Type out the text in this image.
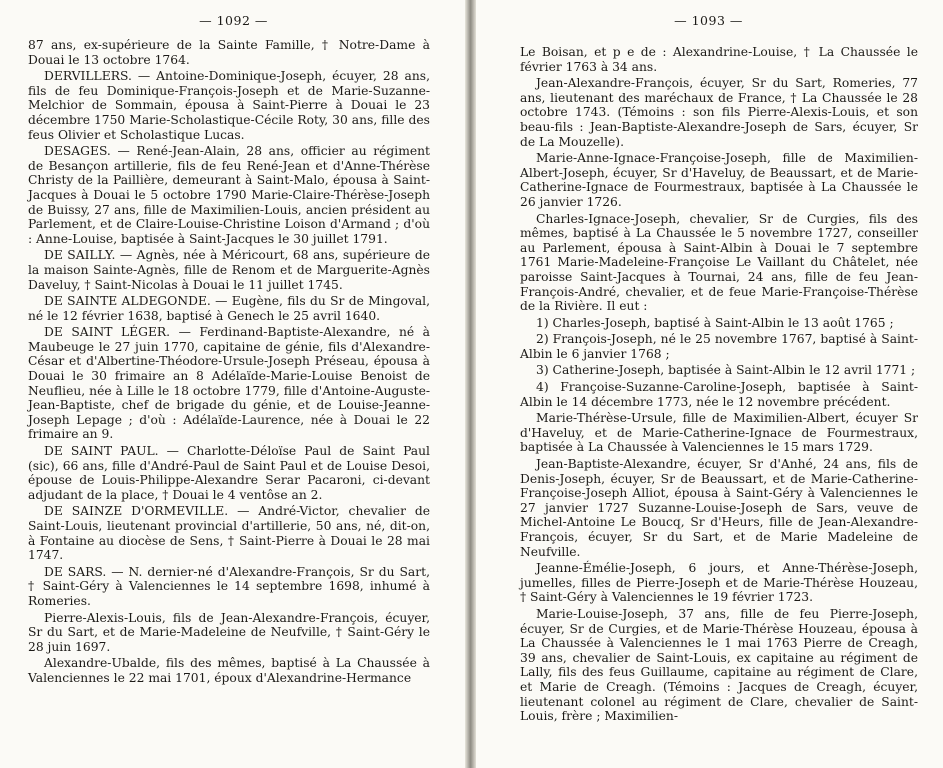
— 1092 —

87 ans, ex-supérieure de la Sainte Famille, † Notre-Dame à Douai le 13 octobre 1764.

DERVILLERS. — Antoine-Dominique-Joseph, écuyer, 28 ans, fils de feu Dominique-François-Joseph et de Marie-Suzanne-Melchior de Sommain, épousa à Saint-Pierre à Douai le 23 décembre 1750 Marie-Scholastique-Cécile Roty, 30 ans, fille des feus Olivier et Scholastique Lucas.

DESAGES. — René-Jean-Alain, 28 ans, officier au régiment de Besançon artillerie, fils de feu René-Jean et d'Anne-Thérèse Christy de la Paillière, demeurant à Saint-Malo, épousa à Saint-Jacques à Douai le 5 octobre 1790 Marie-Claire-Thérèse-Joseph de Buissy, 27 ans, fille de Maximilien-Louis, ancien président au Parlement, et de Claire-Louise-Christine Loison d'Armand ; d'où : Anne-Louise, baptisée à Saint-Jacques le 30 juillet 1791.

DE SAILLY. — Agnès, née à Méricourt, 68 ans, supérieure de la maison Sainte-Agnès, fille de Renom et de Marguerite-Agnès Daveluy, † Saint-Nicolas à Douai le 11 juillet 1745.

DE SAINTE ALDEGONDE. — Eugène, fils du Sr de Mingoval, né le 12 février 1638, baptisé à Genech le 25 avril 1640.

DE SAINT LÉGER. — Ferdinand-Baptiste-Alexandre, né à Maubeuge le 27 juin 1770, capitaine de génie, fils d'Alexandre-César et d'Albertine-Théodore-Ursule-Joseph Préseau, épousa à Douai le 30 frimaire an 8 Adélaïde-Marie-Louise Benoist de Neuflieu, née à Lille le 18 octobre 1779, fille d'Antoine-Auguste-Jean-Baptiste, chef de brigade du génie, et de Louise-Jeanne-Joseph Lepage ; d'où : Adélaïde-Laurence, née à Douai le 22 frimaire an 9.

DE SAINT PAUL. — Charlotte-Déloïse Paul de Saint Paul (sic), 66 ans, fille d'André-Paul de Saint Paul et de Louise Desoi, épouse de Louis-Philippe-Alexandre Serar Pacaroni, ci-devant adjudant de la place, † Douai le 4 ventôse an 2.

DE SAINZE D'ORMEVILLE. — André-Victor, chevalier de Saint-Louis, lieutenant provincial d'artillerie, 50 ans, né, dit-on, à Fontaine au diocèse de Sens, † Saint-Pierre à Douai le 28 mai 1747.

DE SARS. — N. dernier-né d'Alexandre-François, Sr du Sart, † Saint-Géry à Valenciennes le 14 septembre 1698, inhumé à Romeries.

Pierre-Alexis-Louis, fils de Jean-Alexandre-François, écuyer, Sr du Sart, et de Marie-Madeleine de Neufville, † Saint-Géry le 28 juin 1697.

Alexandre-Ubalde, fils des mêmes, baptisé à La Chaussée à Valenciennes le 22 mai 1701, époux d'Alexandrine-Hermance

— 1093 —

Le Boisan, et p e de : Alexandrine-Louise, † La Chaussée le février 1763 à 34 ans.

Jean-Alexandre-François, écuyer, Sr du Sart, Romeries, 77 ans, lieutenant des maréchaux de France, † La Chaussée le 28 octobre 1743. (Témoins : son fils Pierre-Alexis-Louis, et son beau-fils : Jean-Baptiste-Alexandre-Joseph de Sars, écuyer, Sr de La Mouzelle).

Marie-Anne-Ignace-Françoise-Joseph, fille de Maximilien-Albert-Joseph, écuyer, Sr d'Haveluy, de Beaussart, et de Marie-Catherine-Ignace de Fourmestraux, baptisée à La Chaussée le 26 janvier 1726.

Charles-Ignace-Joseph, chevalier, Sr de Curgies, fils des mêmes, baptisé à La Chaussée le 5 novembre 1727, conseiller au Parlement, épousa à Saint-Albin à Douai le 7 septembre 1761 Marie-Madeleine-Françoise Le Vaillant du Châtelet, née paroisse Saint-Jacques à Tournai, 24 ans, fille de feu Jean-François-André, chevalier, et de feue Marie-Françoise-Thérèse de la Rivière. Il eut :

1) Charles-Joseph, baptisé à Saint-Albin le 13 août 1765 ;

2) François-Joseph, né le 25 novembre 1767, baptisé à Saint-Albin le 6 janvier 1768 ;

3) Catherine-Joseph, baptisée à Saint-Albin le 12 avril 1771 ;

4) Françoise-Suzanne-Caroline-Joseph, baptisée à Saint-Albin le 14 décembre 1773, née le 12 novembre précédent.

Marie-Thérèse-Ursule, fille de Maximilien-Albert, écuyer Sr d'Haveluy, et de Marie-Catherine-Ignace de Fourmestraux, baptisée à La Chaussée à Valenciennes le 15 mars 1729.

Jean-Baptiste-Alexandre, écuyer, Sr d'Anhé, 24 ans, fils de Denis-Joseph, écuyer, Sr de Beaussart, et de Marie-Catherine-Françoise-Joseph Alliot, épousa à Saint-Géry à Valenciennes le 27 janvier 1727 Suzanne-Louise-Joseph de Sars, veuve de Michel-Antoine Le Boucq, Sr d'Heurs, fille de Jean-Alexandre-François, écuyer, Sr du Sart, et de Marie Madeleine de Neufville.

Jeanne-Émélie-Joseph, 6 jours, et Anne-Thérèse-Joseph, jumelles, filles de Pierre-Joseph et de Marie-Thérèse Houzeau, † Saint-Géry à Valenciennes le 19 février 1723.

Marie-Louise-Joseph, 37 ans, fille de feu Pierre-Joseph, écuyer, Sr de Curgies, et de Marie-Thérèse Houzeau, épousa à La Chaussée à Valenciennes le 1 mai 1763 Pierre de Creagh, 39 ans, chevalier de Saint-Louis, ex capitaine au régiment de Lally, fils des feus Guillaume, capitaine au régiment de Clare, et Marie de Creagh. (Témoins : Jacques de Creagh, écuyer, lieutenant colonel au régiment de Clare, chevalier de Saint-Louis, frère ; Maximilien-
